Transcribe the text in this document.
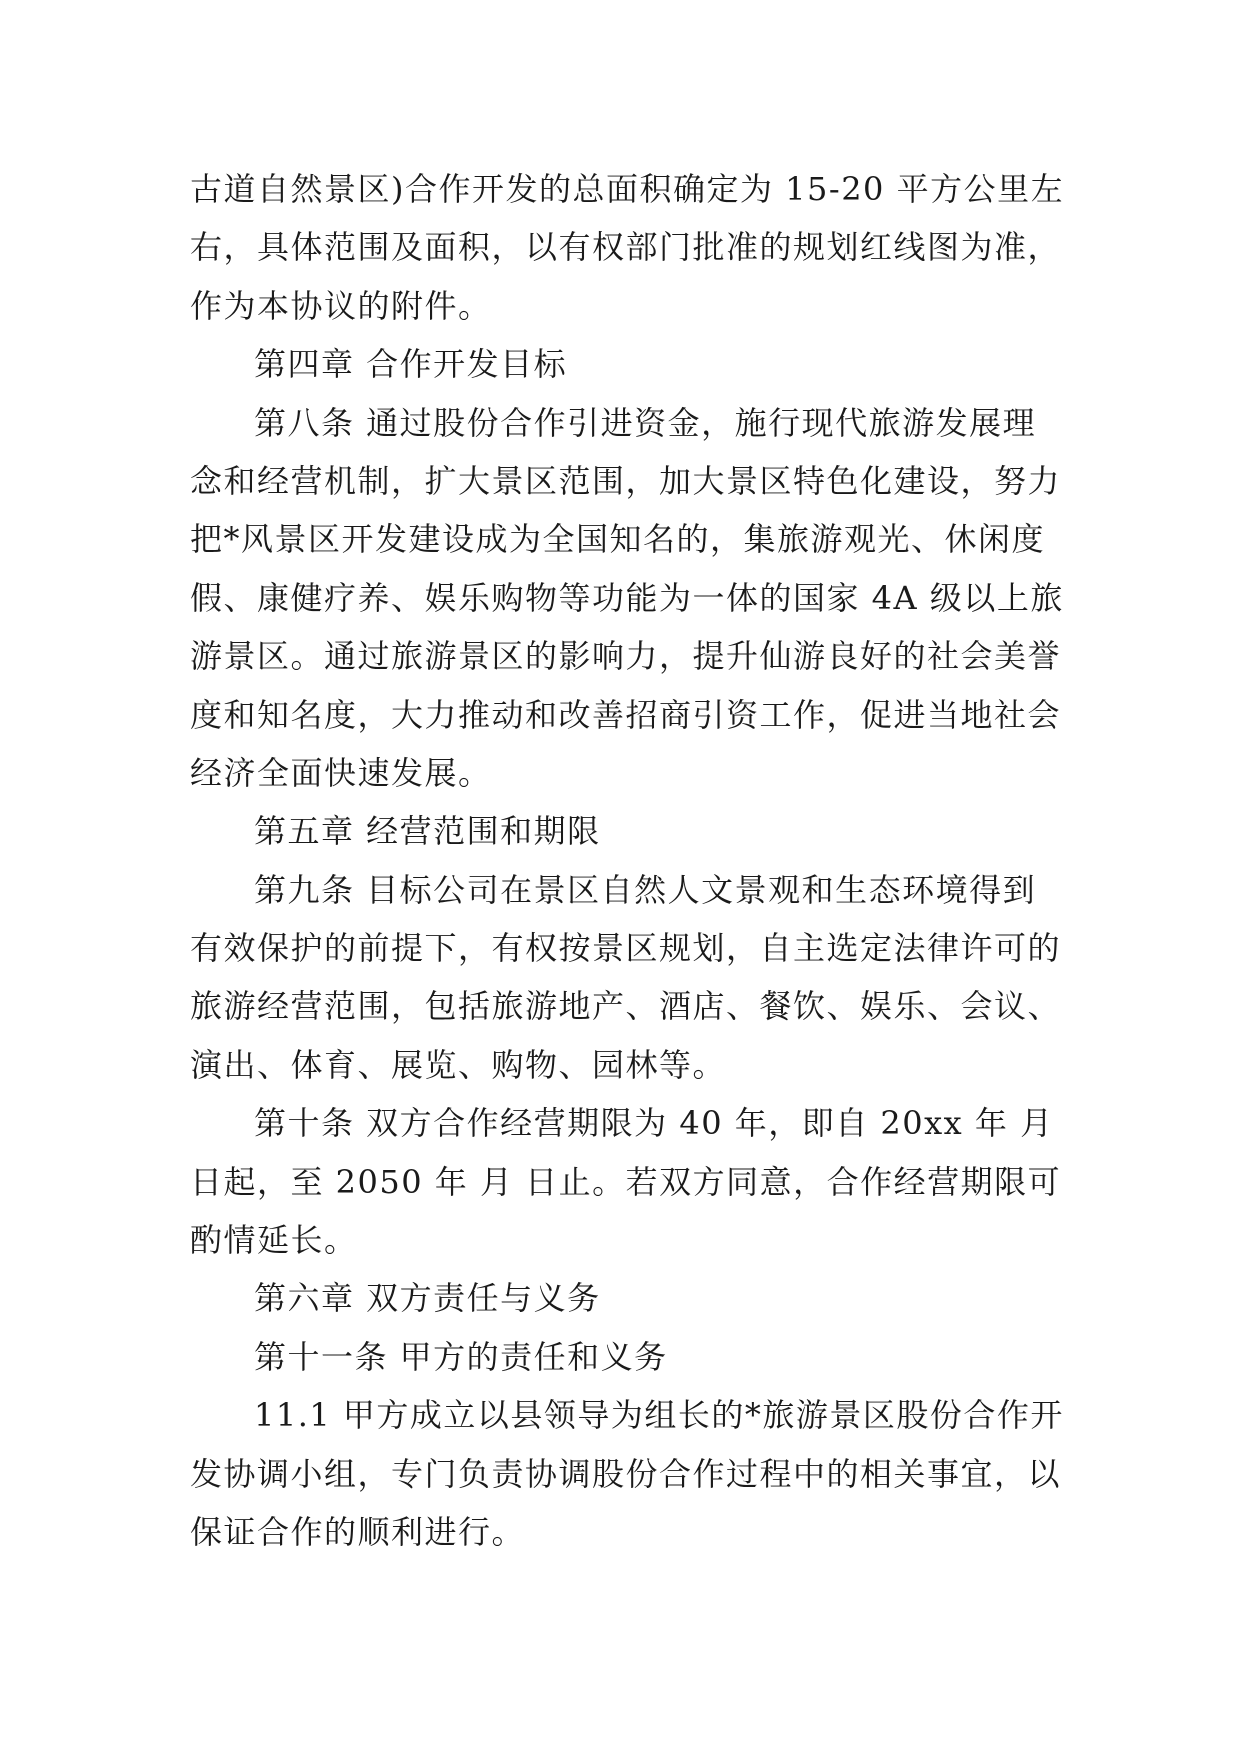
古道自然景区)合作开发的总面积确定为 15-20 平方公里左
右，具体范围及面积，以有权部门批准的规划红线图为准，
作为本协议的附件。
第四章 合作开发目标
第八条 通过股份合作引进资金，施行现代旅游发展理
念和经营机制，扩大景区范围，加大景区特色化建设，努力
把*风景区开发建设成为全国知名的，集旅游观光、休闲度
假、康健疗养、娱乐购物等功能为一体的国家 4A 级以上旅
游景区。通过旅游景区的影响力，提升仙游良好的社会美誉
度和知名度，大力推动和改善招商引资工作，促进当地社会
经济全面快速发展。
第五章 经营范围和期限
第九条 目标公司在景区自然人文景观和生态环境得到
有效保护的前提下，有权按景区规划，自主选定法律许可的
旅游经营范围，包括旅游地产、酒店、餐饮、娱乐、会议、
演出、体育、展览、购物、园林等。
第十条 双方合作经营期限为 40 年，即自 20xx 年 月
日起，至 2050 年 月 日止。若双方同意，合作经营期限可
酌情延长。
第六章 双方责任与义务
第十一条 甲方的责任和义务
11.1 甲方成立以县领导为组长的*旅游景区股份合作开
发协调小组，专门负责协调股份合作过程中的相关事宜，以
保证合作的顺利进行。
